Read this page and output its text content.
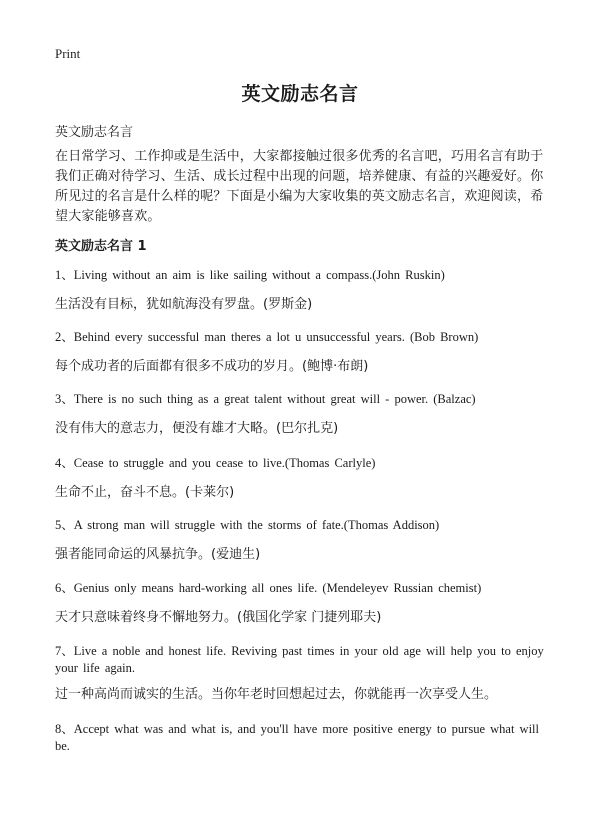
Print
英文励志名言

英文励志名言

在日常学习、工作抑或是生活中，大家都接触过很多优秀的名言吧，巧用名言有助于我们正确对待学习、生活、成长过程中出现的问题，培养健康、有益的兴趣爱好。你所见过的名言是什么样的呢？下面是小编为大家收集的英文励志名言，欢迎阅读，希望大家能够喜欢。

英文励志名言 1

1、Living without an aim is like sailing without a compass.(John Ruskin)

生活没有目标，犹如航海没有罗盘。(罗斯金)

2、Behind every successful man theres a lot u unsuccessful years. (Bob Brown)

每个成功者的后面都有很多不成功的岁月。(鲍博·布朗)

3、There is no such thing as a great talent without great will - power. (Balzac)

没有伟大的意志力，便没有雄才大略。(巴尔扎克)

4、Cease to struggle and you cease to live.(Thomas Carlyle)

生命不止，奋斗不息。(卡莱尔)

5、A strong man will struggle with the storms of fate.(Thomas Addison)

强者能同命运的风暴抗争。(爱迪生)

6、Genius only means hard-working all ones life. (Mendeleyev Russian chemist)

天才只意味着终身不懈地努力。(俄国化学家 门捷列耶夫)

7、Live a noble and honest life. Reviving past times in your old age will help you to enjoy your life again.

过一种高尚而诚实的生活。当你年老时回想起过去，你就能再一次享受人生。

8、Accept what was and what is, and you'll have more positive energy to pursue what will be.
